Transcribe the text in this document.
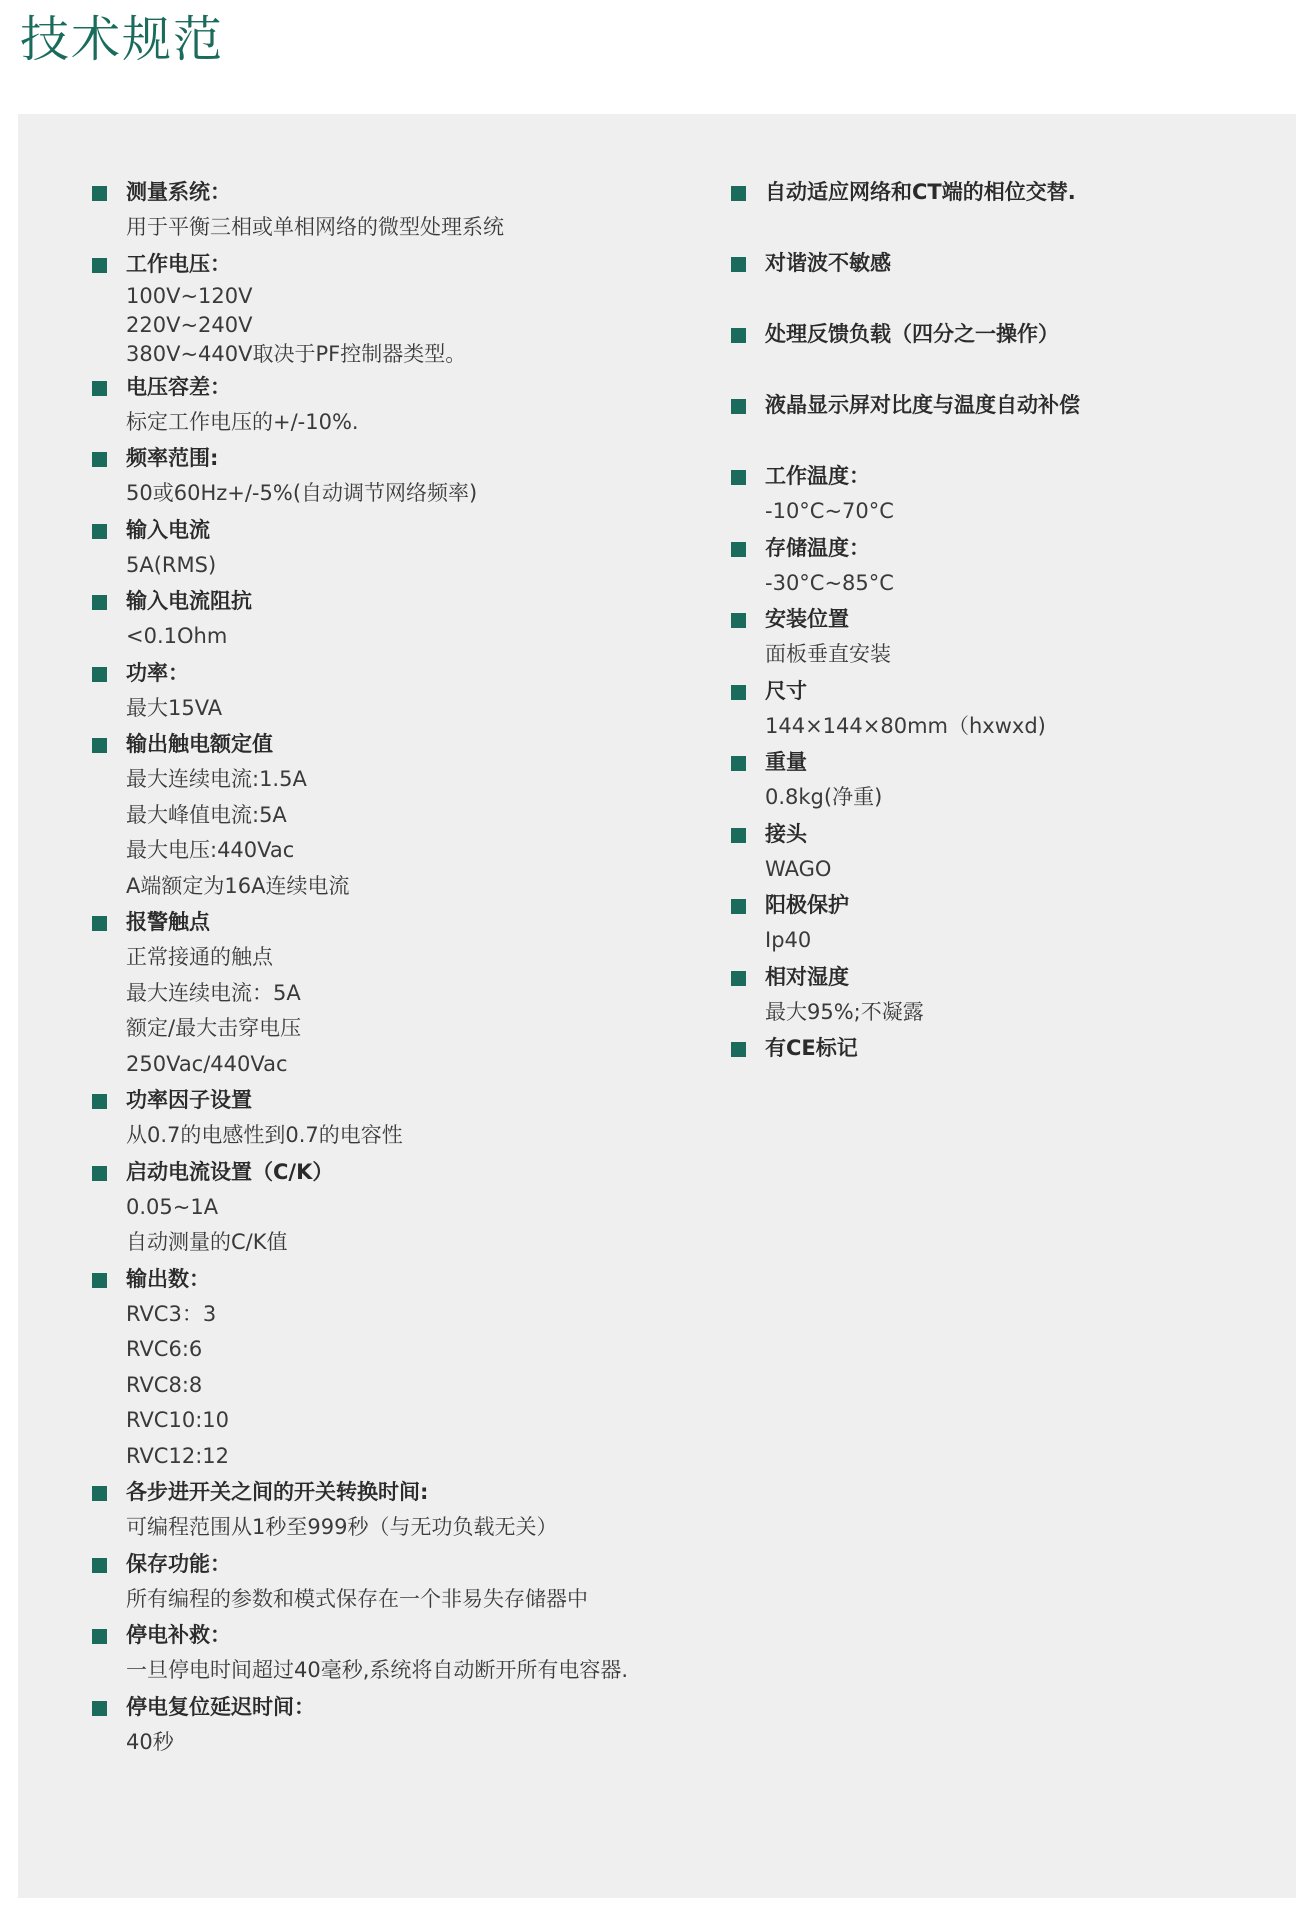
技术规范
测量系统：
用于平衡三相或单相网络的微型处理系统
工作电压：
100V~120V
220V~240V
380V~440V取决于PF控制器类型。
电压容差：
标定工作电压的+/-10%.
频率范围:
50或60Hz+/-5%(自动调节网络频率)
输入电流
5A(RMS)
输入电流阻抗
<0.1Ohm
功率：
最大15VA
输出触电额定值
最大连续电流:1.5A
最大峰值电流:5A
最大电压:440Vac
A端额定为16A连续电流
报警触点
正常接通的触点
最大连续电流：5A
额定/最大击穿电压
250Vac/440Vac
功率因子设置
从0.7的电感性到0.7的电容性
启动电流设置（C/K）
0.05~1A
自动测量的C/K值
输出数：
RVC3：3
RVC6:6
RVC8:8
RVC10:10
RVC12:12
各步进开关之间的开关转换时间:
可编程范围从1秒至999秒（与无功负载无关）
保存功能：
所有编程的参数和模式保存在一个非易失存储器中
停电补救：
一旦停电时间超过40毫秒,系统将自动断开所有电容器.
停电复位延迟时间：
40秒
自动适应网络和CT端的相位交替.
对谐波不敏感
处理反馈负载（四分之一操作）
液晶显示屏对比度与温度自动补偿
工作温度：
-10°C~70°C
存储温度：
-30°C~85°C
安装位置
面板垂直安装
尺寸
144×144×80mm（hxwxd)
重量
0.8kg(净重)
接头
WAGO
阳极保护
Ip40
相对湿度
最大95%;不凝露
有CE标记
